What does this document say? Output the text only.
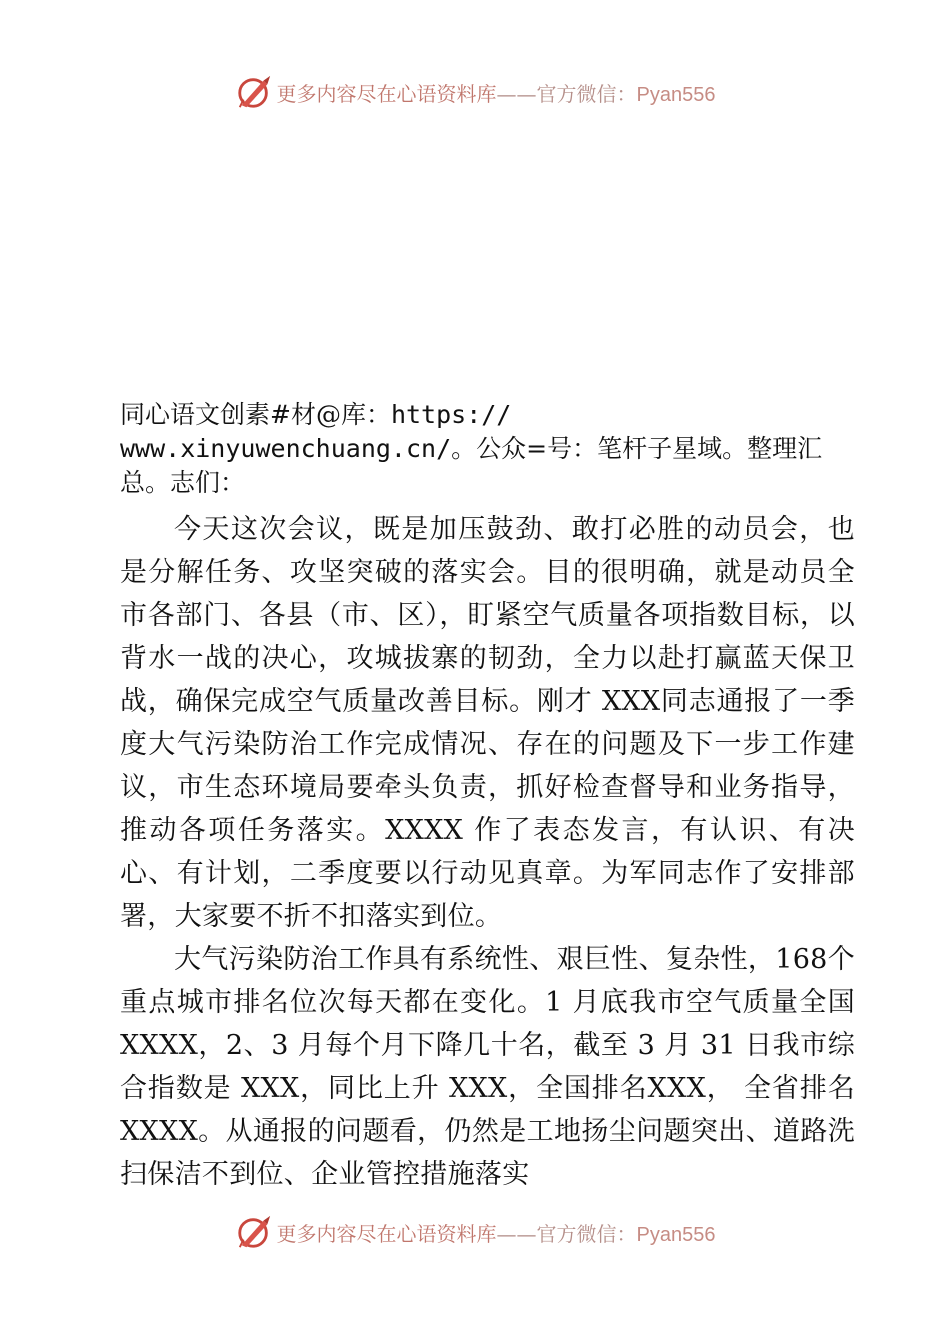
更多内容尽在心语资料库——官方微信：Pyan556
同心语文创素#材@库：https://
www.xinyuwenchuang.cn/。公众=号：笔杆子星域。整理汇
总。志们：

今天这次会议，既是加压鼓劲、敢打必胜的动员会，也是分解任务、攻坚突破的落实会。目的很明确，就是动员全市各部门、各县（市、区），盯紧空气质量各项指数目标，以背水一战的决心，攻城拔寨的韧劲，全力以赴打赢蓝天保卫战，确保完成空气质量改善目标。刚才 XXX同志通报了一季度大气污染防治工作完成情况、存在的问题及下一步工作建议，市生态环境局要牵头负责，抓好检查督导和业务指导，推动各项任务落实。XXXX 作了表态发言，有认识、有决心、有计划，二季度要以行动见真章。为军同志作了安排部署，大家要不折不扣落实到位。

大气污染防治工作具有系统性、艰巨性、复杂性，168个重点城市排名位次每天都在变化。1 月底我市空气质量全国 XXXX，2、3 月每个月下降几十名，截至 3 月 31 日我市综合指数是 XXX，同比上升 XXX，全国排名XXX， 全省排名 XXXX。从通报的问题看，仍然是工地扬尘问题突出、道路洗扫保洁不到位、企业管控措施落实

更多内容尽在心语资料库——官方微信：Pyan556
